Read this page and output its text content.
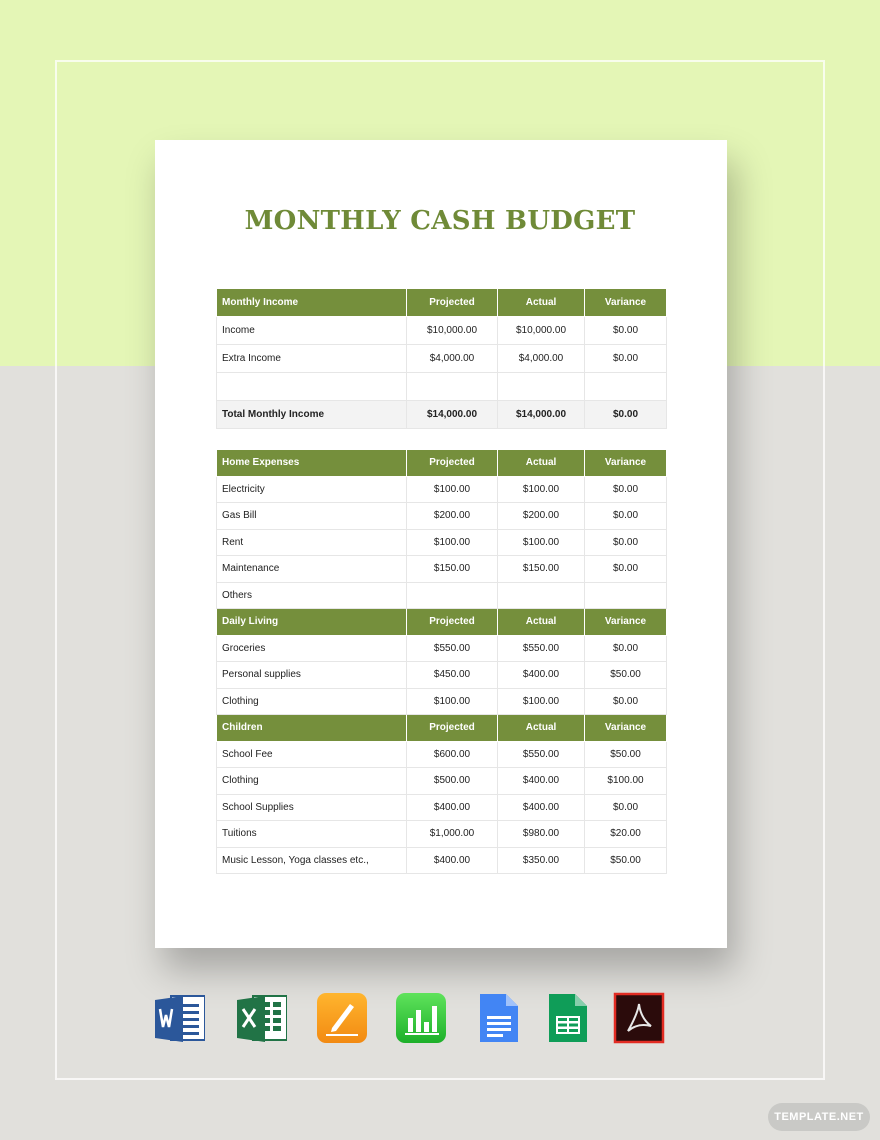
MONTHLY CASH BUDGET
Monthly Income	Projected	Actual	Variance
Income	$10,000.00	$10,000.00	$0.00
Extra Income	$4,000.00	$4,000.00	$0.00

Total Monthly Income	$14,000.00	$14,000.00	$0.00
Home Expenses	Projected	Actual	Variance
Electricity	$100.00	$100.00	$0.00
Gas Bill	$200.00	$200.00	$0.00
Rent	$100.00	$100.00	$0.00
Maintenance	$150.00	$150.00	$0.00
Others			
Daily Living	Projected	Actual	Variance
Groceries	$550.00	$550.00	$0.00
Personal supplies	$450.00	$400.00	$50.00
Clothing	$100.00	$100.00	$0.00
Children	Projected	Actual	Variance
School Fee	$600.00	$550.00	$50.00
Clothing	$500.00	$400.00	$100.00
School Supplies	$400.00	$400.00	$0.00
Tuitions	$1,000.00	$980.00	$20.00
Music Lesson, Yoga classes etc.,	$400.00	$350.00	$50.00
TEMPLATE.NET
